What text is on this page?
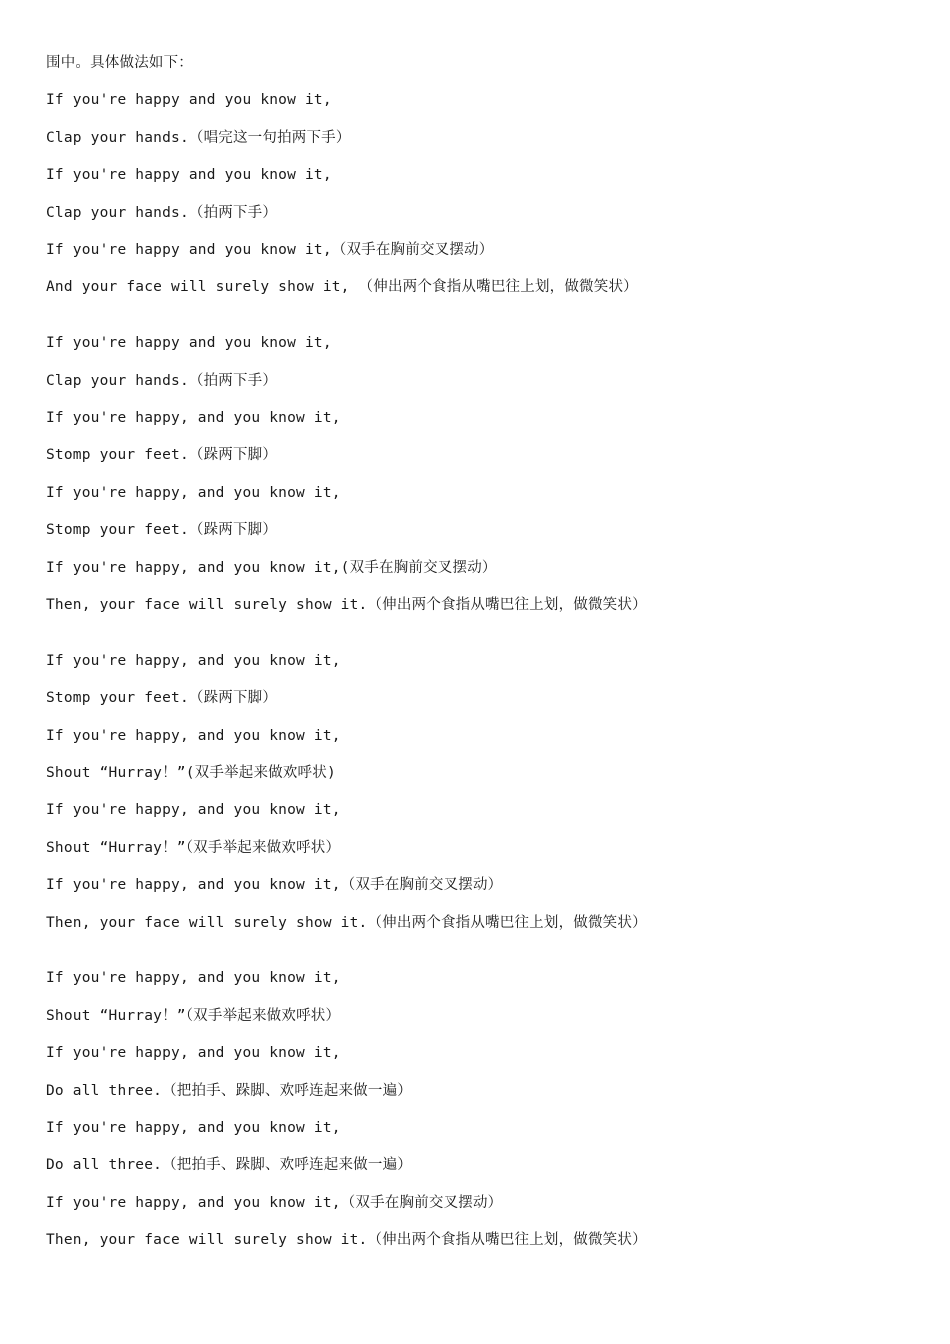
围中。具体做法如下：
If you're happy and you know it,
Clap your hands.（唱完这一句拍两下手）
If you're happy and you know it,
Clap your hands.（拍两下手）
If you're happy and you know it,（双手在胸前交叉摆动）
And your face will surely show it, （伸出两个食指从嘴巴往上划，做微笑状）
If you're happy and you know it,
Clap your hands.（拍两下手）
If you're happy, and you know it,
Stomp your feet.（跺两下脚）
If you're happy, and you know it,
Stomp your feet.（跺两下脚）
If you're happy, and you know it,(双手在胸前交叉摆动）
Then, your face will surely show it.（伸出两个食指从嘴巴往上划，做微笑状）
If you're happy, and you know it,
Stomp your feet.（跺两下脚）
If you're happy, and you know it,
Shout “Hurray！”(双手举起来做欢呼状)
If you're happy, and you know it,
Shout “Hurray！”（双手举起来做欢呼状）
If you're happy, and you know it,（双手在胸前交叉摆动）
Then, your face will surely show it.（伸出两个食指从嘴巴往上划，做微笑状）
If you're happy, and you know it,
Shout “Hurray！”（双手举起来做欢呼状）
If you're happy, and you know it,
Do all three.（把拍手、跺脚、欢呼连起来做一遍）
If you're happy, and you know it,
Do all three.（把拍手、跺脚、欢呼连起来做一遍）
If you're happy, and you know it,（双手在胸前交叉摆动）
Then, your face will surely show it.（伸出两个食指从嘴巴往上划，做微笑状）
